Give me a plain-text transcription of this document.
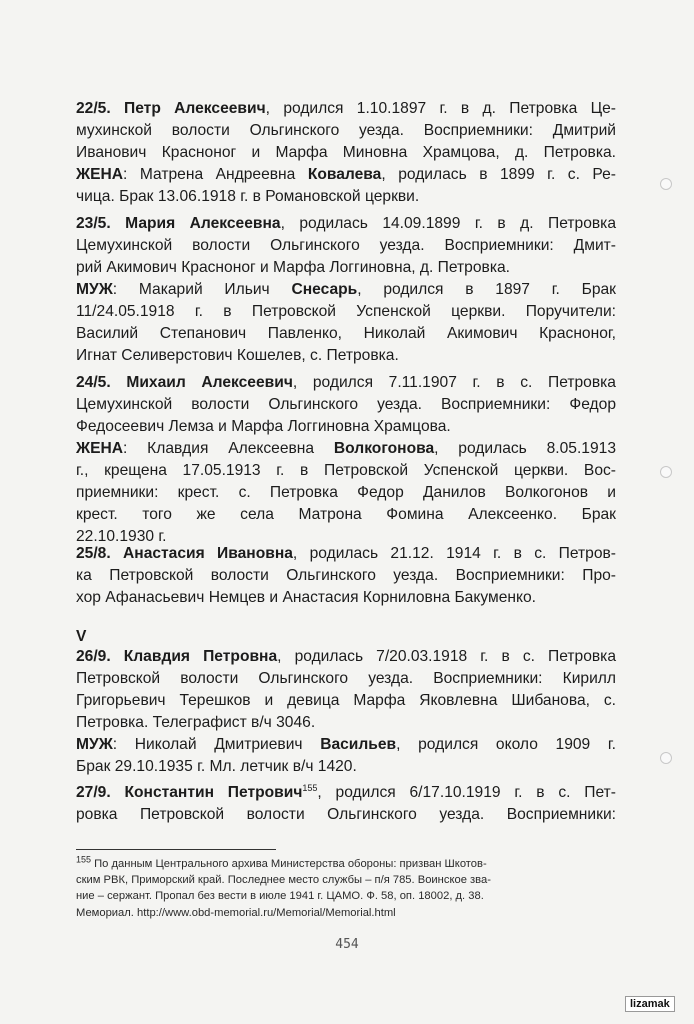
22/5. Петр Алексеевич, родился 1.10.1897 г. в д. Петровка Це-
мухинской волости Ольгинского уезда. Восприемники: Дмитрий
Иванович Красноног и Марфа Миновна Храмцова, д. Петровка.
ЖЕНА: Матрена Андреевна Ковалева, родилась в 1899 г. с. Ре-
чица. Брак 13.06.1918 г. в Романовской церкви.
23/5. Мария Алексеевна, родилась 14.09.1899 г. в д. Петровка
Цемухинской волости Ольгинского уезда. Восприемники: Дмит-
рий Акимович Красноног и Марфа Логгиновна, д. Петровка.
МУЖ: Макарий Ильич Снесарь, родился в 1897 г. Брак
11/24.05.1918 г. в Петровской Успенской церкви. Поручители:
Василий Степанович Павленко, Николай Акимович Красноног,
Игнат Селиверстович Кошелев, с. Петровка.
24/5. Михаил Алексеевич, родился 7.11.1907 г. в с. Петровка
Цемухинской волости Ольгинского уезда. Восприемники: Федор
Федосеевич Лемза и Марфа Логгиновна Храмцова.
ЖЕНА: Клавдия Алексеевна Волкогонова, родилась 8.05.1913
г., крещена 17.05.1913 г. в Петровской Успенской церкви. Вос-
приемники: крест. с. Петровка Федор Данилов Волкогонов и
крест. того же села Матрона Фомина Алексеенко. Брак
22.10.1930 г.
25/8. Анастасия Ивановна, родилась 21.12. 1914 г. в с. Петров-
ка Петровской волости Ольгинского уезда. Восприемники: Про-
хор Афанасьевич Немцев и Анастасия Корниловна Бакуменко.
V
26/9. Клавдия Петровна, родилась 7/20.03.1918 г. в с. Петровка
Петровской волости Ольгинского уезда. Восприемники: Кирилл
Григорьевич Терешков и девица Марфа Яковлевна Шибанова, с.
Петровка. Телеграфист в/ч 3046.
МУЖ: Николай Дмитриевич Васильев, родился около 1909 г.
Брак 29.10.1935 г. Мл. летчик в/ч 1420.
27/9. Константин Петрович$^{155}$, родился 6/17.10.1919 г. в с. Пет-
ровка Петровской волости Ольгинского уезда. Восприемники:
$^{155}$ По данным Центрального архива Министерства обороны: призван Шкотов-
ским РВК, Приморский край. Последнее место службы – п/я 785. Воинское зва-
ние – сержант. Пропал без вести в июле 1941 г. ЦАМО. Ф. 58, оп. 18002, д. 38.
Мемориал. http://www.obd-memorial.ru/Memorial/Memorial.html
454
lizamak
